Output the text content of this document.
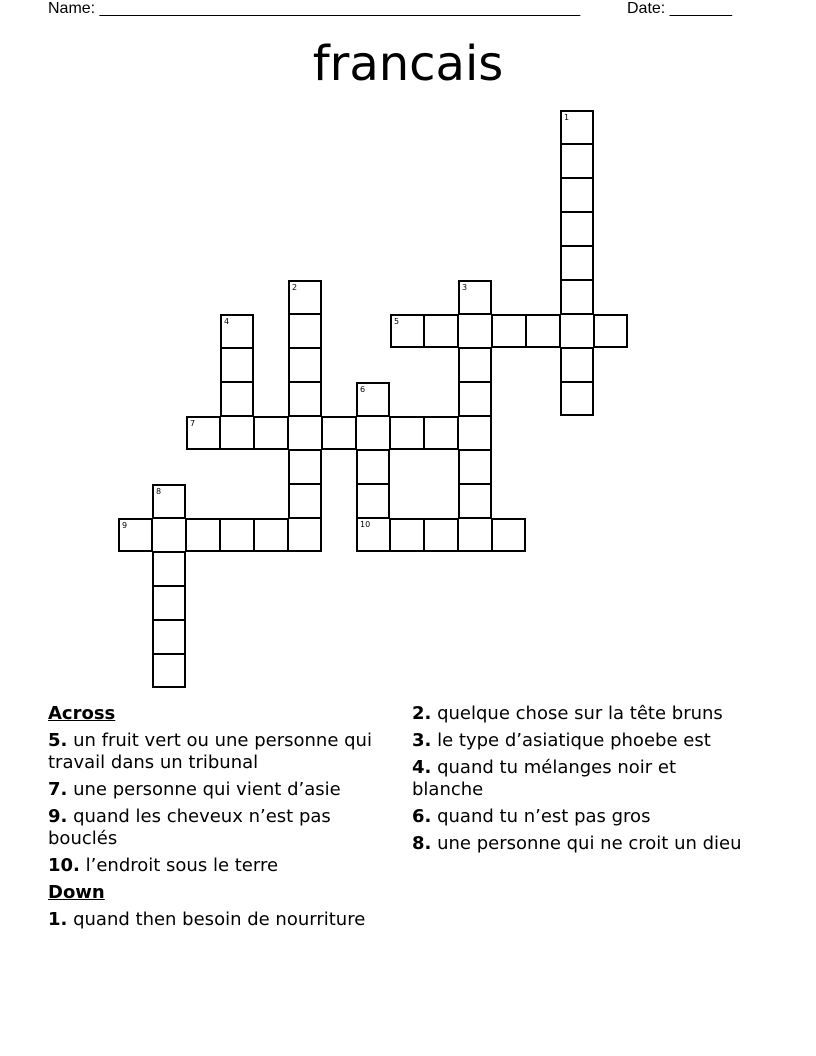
Name: ______________________________________________________	Date: _______
francais
1
2	3
4	5
6
7
8
9	10
Across
5. un fruit vert ou une personne qui travail dans un tribunal
7. une personne qui vient d’asie
9. quand les cheveux n’est pas bouclés
10. l’endroit sous le terre
Down
1. quand then besoin de nourriture
2. quelque chose sur la tête bruns
3. le type d’asiatique phoebe est
4. quand tu mélanges noir et blanche
6. quand tu n’est pas gros
8. une personne qui ne croit un dieu
